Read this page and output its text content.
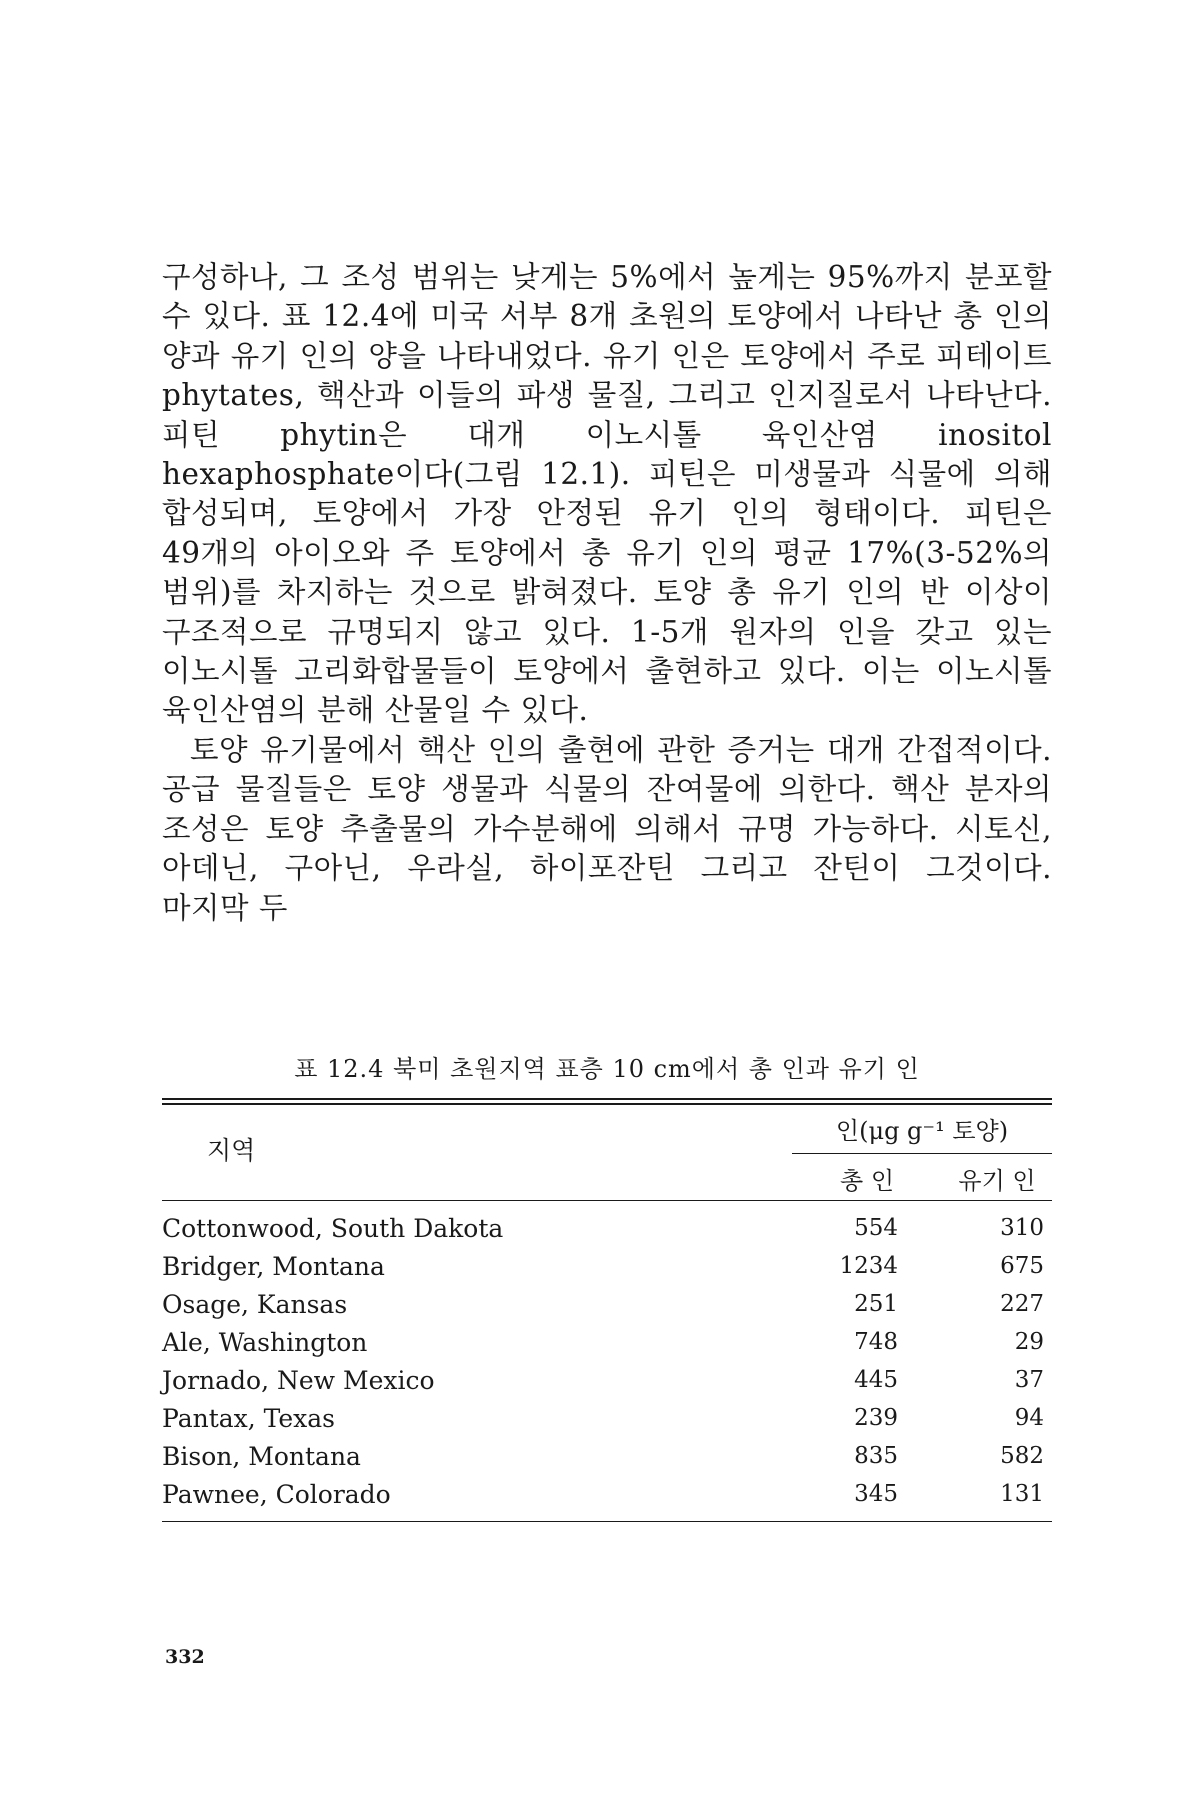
구성하나, 그 조성 범위는 낮게는 5%에서 높게는 95%까지 분포할 수 있다. 표 12.4에 미국 서부 8개 초원의 토양에서 나타난 총 인의 양과 유기 인의 양을 나타내었다. 유기 인은 토양에서 주로 피테이트 phytates, 핵산과 이들의 파생 물질, 그리고 인지질로서 나타난다. 피틴 phytin은 대개 이노시톨 육인산염 inositol hexaphosphate이다(그림 12.1). 피틴은 미생물과 식물에 의해 합성되며, 토양에서 가장 안정된 유기 인의 형태이다. 피틴은 49개의 아이오와 주 토양에서 총 유기 인의 평균 17%(3-52%의 범위)를 차지하는 것으로 밝혀졌다. 토양 총 유기 인의 반 이상이 구조적으로 규명되지 않고 있다. 1-5개 원자의 인을 갖고 있는 이노시톨 고리화합물들이 토양에서 출현하고 있다. 이는 이노시톨 육인산염의 분해 산물일 수 있다.

토양 유기물에서 핵산 인의 출현에 관한 증거는 대개 간접적이다. 공급 물질들은 토양 생물과 식물의 잔여물에 의한다. 핵산 분자의 조성은 토양 추출물의 가수분해에 의해서 규명 가능하다. 시토신, 아데닌, 구아닌, 우라실, 하이포잔틴 그리고 잔틴이 그것이다. 마지막 두

표 12.4 북미 초원지역 표층 10 cm에서 총 인과 유기 인
지역
인(μg g⁻¹ 토양)
총 인	유기 인
Cottonwood, South Dakota	554	310
Bridger, Montana	1234	675
Osage, Kansas	251	227
Ale, Washington	748	29
Jornado, New Mexico	445	37
Pantax, Texas	239	94
Bison, Montana	835	582
Pawnee, Colorado	345	131
332
